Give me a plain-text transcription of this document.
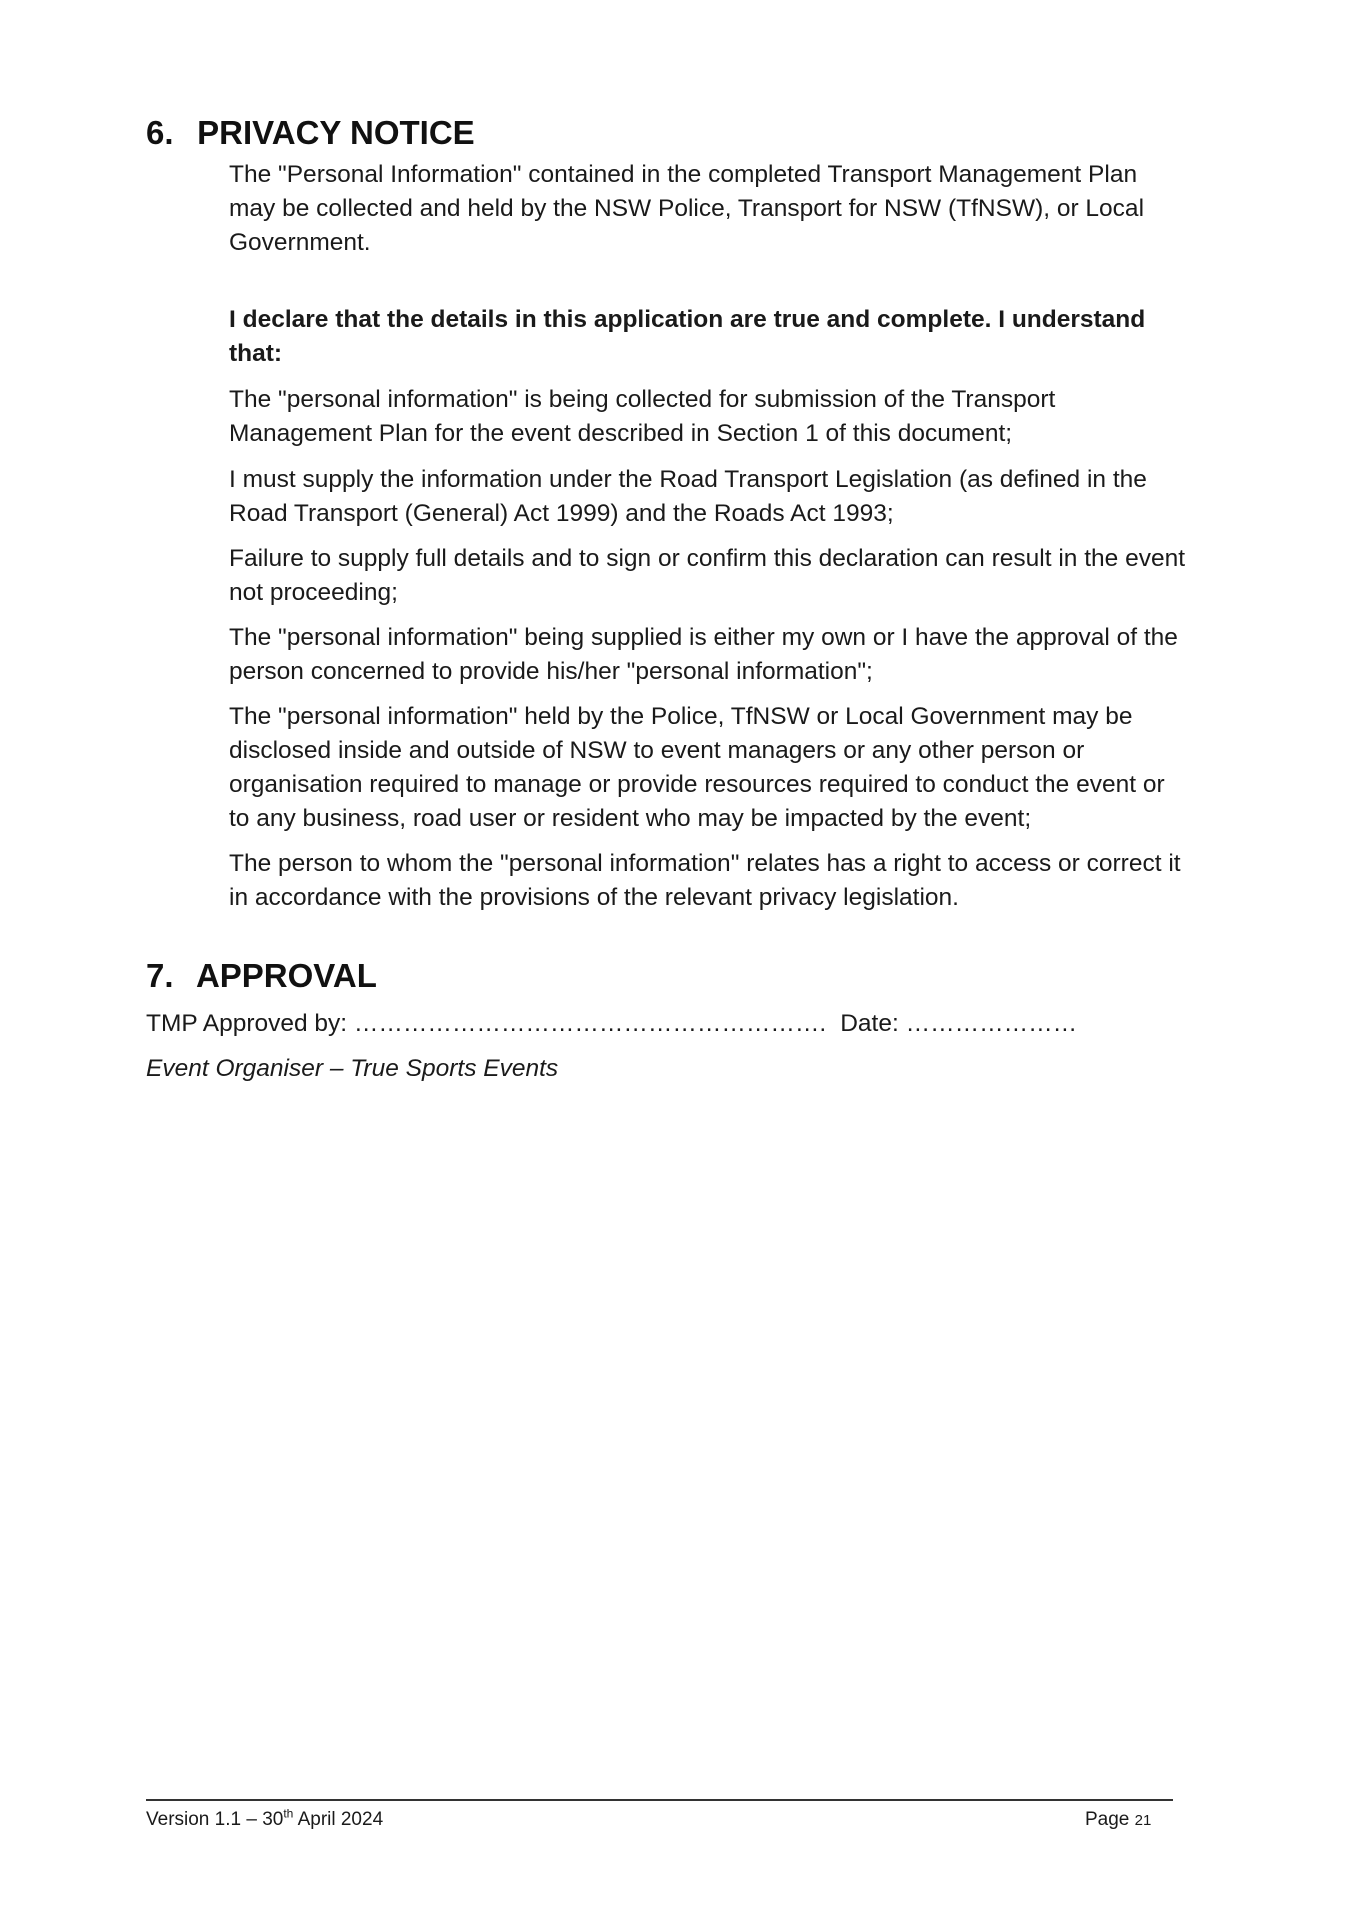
6. PRIVACY NOTICE
The "Personal Information" contained in the completed Transport Management Plan may be collected and held by the NSW Police, Transport for NSW (TfNSW), or Local Government.
I declare that the details in this application are true and complete. I understand that:
The "personal information" is being collected for submission of the Transport Management Plan for the event described in Section 1 of this document;
I must supply the information under the Road Transport Legislation (as defined in the Road Transport (General) Act 1999) and the Roads Act 1993;
Failure to supply full details and to sign or confirm this declaration can result in the event not proceeding;
The "personal information" being supplied is either my own or I have the approval of the person concerned to provide his/her "personal information";
The "personal information" held by the Police, TfNSW or Local Government may be disclosed inside and outside of NSW to event managers or any other person or organisation required to manage or provide resources required to conduct the event or to any business, road user or resident who may be impacted by the event;
The person to whom the "personal information" relates has a right to access or correct it in accordance with the provisions of the relevant privacy legislation.
7. APPROVAL
TMP Approved by: …………………………………………………. Date: …………………
Event Organiser – True Sports Events
Version 1.1 – 30th April 2024	Page 21
